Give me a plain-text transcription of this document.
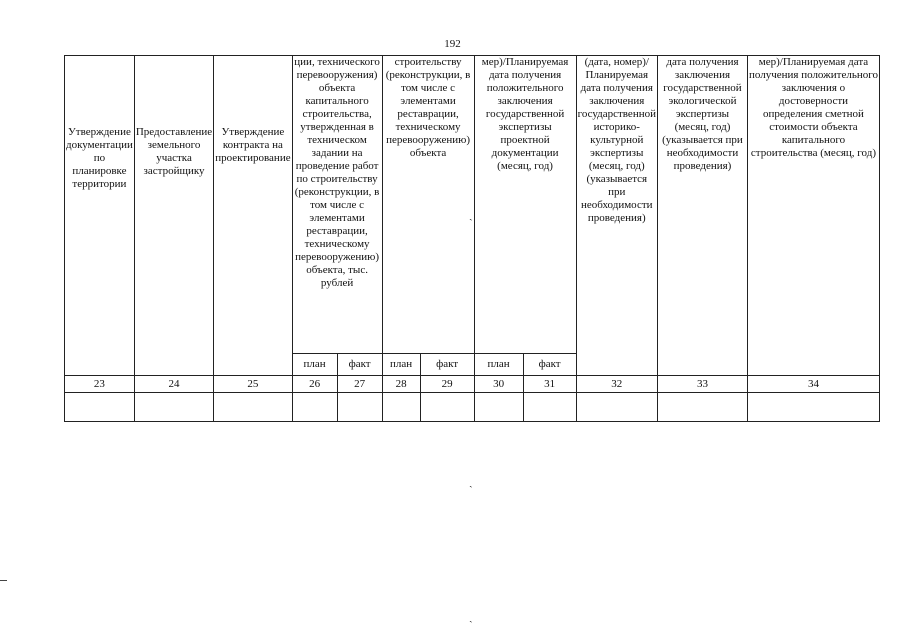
192
Утверждение документации по планировке территории	Предоставление земельного участка застройщику	Утверждение контракта на проектирование	ции, технического перевооружения) объекта капитального строительства, утвержденная в техническом задании на проведение работ по строительству (реконструкции, в том числе с элементами реставрации, техническому перевооружению) объекта, тыс. рублей		строительству (реконструкции, в том числе с элементами реставрации, техническому перевооружению) объекта		мер)/Планируемая дата получения положительного заключения государственной экспертизы проектной документации (месяц, год)		(дата, номер)/Планируемая дата получения заключения государственной историко-культурной экспертизы (месяц, год) (указывается при необходимости проведения)	дата получения заключения государственной экологической экспертизы (месяц, год) (указывается при необходимости проведения)	мер)/Планируемая дата получения положительного заключения о достоверности определения сметной стоимости объекта капитального строительства (месяц, год)
			план	факт	план	факт	план	факт			
23	24	25	26	27	28	29	30	31	32	33	34

ˎ
ˎ
ˎ
